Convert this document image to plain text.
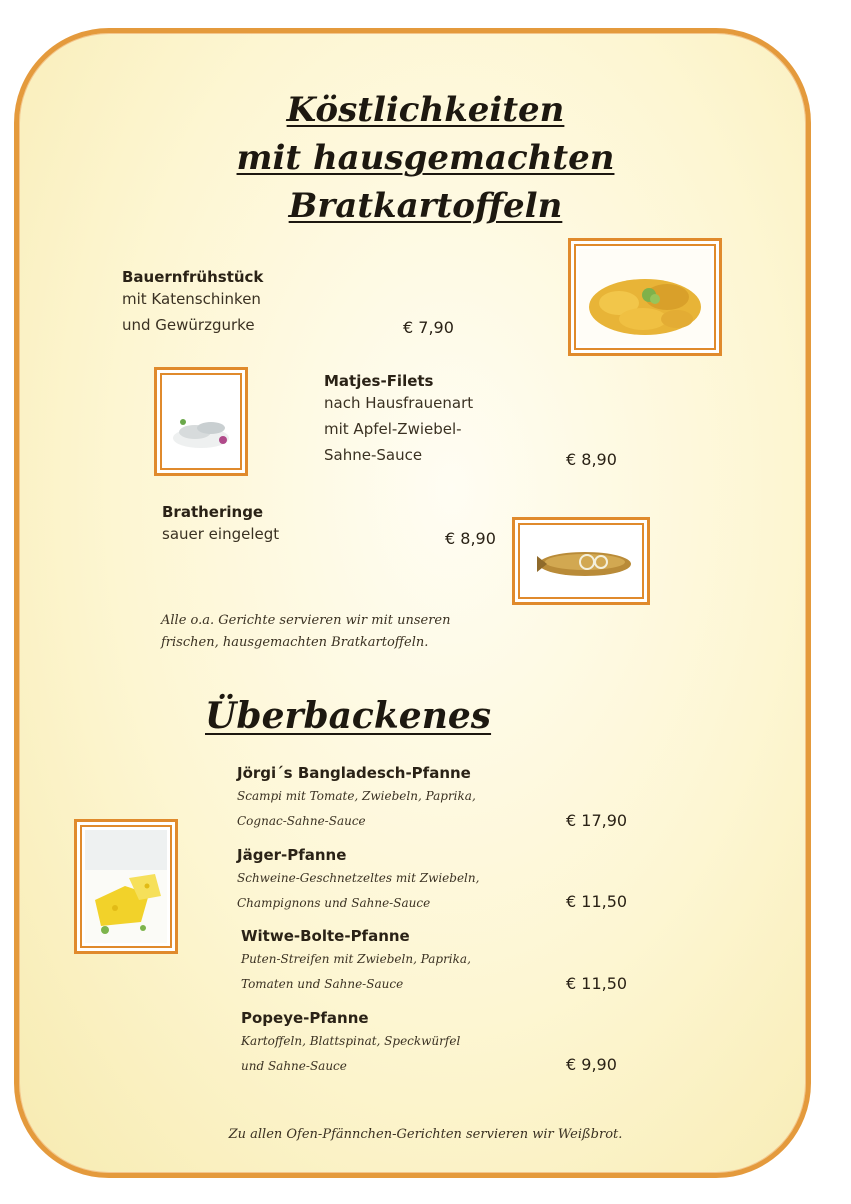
Köstlichkeiten
mit hausgemachten
Bratkartoffeln
Bauernfrühstück
mit Katenschinken
und Gewürzgurke	€ 7,90
Matjes-Filets
nach Hausfrauenart
mit Apfel-Zwiebel-
Sahne-Sauce	€ 8,90
Bratheringe
sauer eingelegt	€ 8,90
Alle o.a. Gerichte servieren wir mit unseren
frischen, hausgemachten Bratkartoffeln.
Überbackenes
Jörgi´s Bangladesch-Pfanne
Scampi mit Tomate, Zwiebeln, Paprika,
Cognac-Sahne-Sauce	€ 17,90
Jäger-Pfanne
Schweine-Geschnetzeltes mit Zwiebeln,
Champignons und Sahne-Sauce	€ 11,50
Witwe-Bolte-Pfanne
Puten-Streifen mit Zwiebeln, Paprika,
Tomaten und Sahne-Sauce	€ 11,50
Popeye-Pfanne
Kartoffeln, Blattspinat, Speckwürfel
und Sahne-Sauce	€ 9,90
Zu allen Ofen-Pfännchen-Gerichten servieren wir Weißbrot.
